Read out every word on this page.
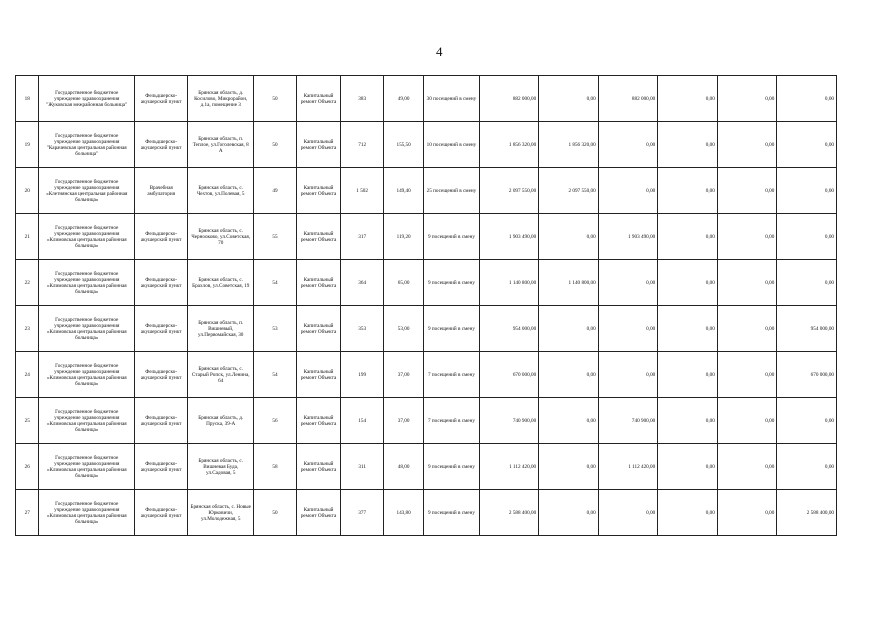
4
18	Государственное бюджетное учреждение здравоохранения "Жуковская межрайонная больница"	Фельдшерско-акушерский пункт	Брянская область, д. Косилово, Микрорайон, д.1а, помещение 3	50	Капитальный ремонт Объекта	383	49,00	30 посещений в смену	882 000,00	0,00	882 000,00	0,00	0,00	0,00
19	Государственное бюджетное учреждение здравоохранения "Карачевская центральная районная больница"	Фельдшерско-акушерский пункт	Брянская область, п. Теплое, ул.Гоголевская, 8 А	50	Капитальный ремонт Объекта	712	155,50	10 посещений в смену	1 856 320,00	1 856 320,00	0,00	0,00	0,00	0,00
20	Государственное бюджетное учреждение здравоохранения «Клетнянская центральная районная больница»	Врачебная амбулатория	Брянская область, с. Чехтов, ул.Полевая, 5	49	Капитальный ремонт Объекта	1 502	149,40	25 посещений в смену	2 097 550,00	2 097 550,00	0,00	0,00	0,00	0,00
21	Государственное бюджетное учреждение здравоохранения «Климовская центральная районная больница»	Фельдшерско-акушерский пункт	Брянская область, с. Чернооково, ул.Советская, 70	55	Капитальный ремонт Объекта	317	119,20	9 посещений в смену	1 903 490,00	0,00	1 903 490,00	0,00	0,00	0,00
22	Государственное бюджетное учреждение здравоохранения «Климовская центральная районная больница»	Фельдшерско-акушерский пункт	Брянская область, с. Брахлов, ул.Советская, 19	54	Капитальный ремонт Объекта	364	65,00	9 посещений в смену	1 140 800,00	1 140 800,00	0,00	0,00	0,00	0,00
23	Государственное бюджетное учреждение здравоохранения «Климовская центральная районная больница»	Фельдшерско-акушерский пункт	Брянская область, п. Вишневый, ул.Первомайская, 30	53	Капитальный ремонт Объекта	353	53,00	9 посещений в смену	954 000,00	0,00	0,00	0,00	0,00	954 000,00
24	Государственное бюджетное учреждение здравоохранения «Климовская центральная районная больница»	Фельдшерско-акушерский пункт	Брянская область, с. Старый Ропск, ул.Ленина, 64	54	Капитальный ремонт Объекта	199	37,00	7 посещений в смену	670 000,00	0,00	0,00	0,00	0,00	670 000,00
25	Государственное бюджетное учреждение здравоохранения «Климовская центральная районная больница»	Фельдшерско-акушерский пункт	Брянская область, д. Пруска, 39-А	56	Капитальный ремонт Объекта	154	37,00	7 посещений в смену	740 900,00	0,00	740 900,00	0,00	0,00	0,00
26	Государственное бюджетное учреждение здравоохранения «Климовская центральная районная больница»	Фельдшерско-акушерский пункт	Брянская область, с. Вишневая Буда, ул.Садовая, 5	58	Капитальный ремонт Объекта	311	48,00	9 посещений в смену	1 112 420,00	0,00	1 112 420,00	0,00	0,00	0,00
27	Государственное бюджетное учреждение здравоохранения «Климовская центральная районная больница»	Фельдшерско-акушерский пункт	Брянская область, с. Новые Юрковичи, ул.Молодежная, 5	50	Капитальный ремонт Объекта	377	143,80	9 посещений в смену	2 588 400,00	0,00	0,00	0,00	0,00	2 588 400,00
